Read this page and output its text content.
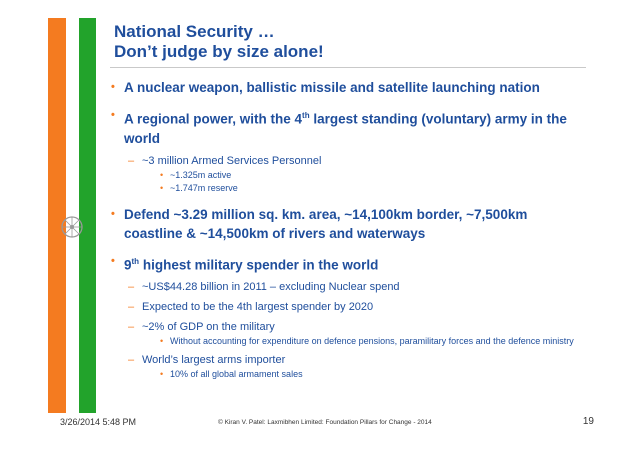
National Security …
Don’t judge by size alone!
• A nuclear weapon, ballistic missile and satellite launching nation
• A regional power, with the 4th largest standing (voluntary) army in the world
– ~3 million Armed Services Personnel
• ~1.325m active
• ~1.747m reserve
• Defend ~3.29 million sq. km. area, ~14,100km border, ~7,500km coastline & ~14,500km of rivers and waterways
• 9th highest military spender in the world
– ~US$44.28 billion in 2011 – excluding Nuclear spend
– Expected to be the 4th largest spender by 2020
– ~2% of GDP on the military
• Without accounting for expenditure on defence pensions, paramilitary forces and the defence ministry
– World’s largest arms importer
• 10% of all global armament sales
3/26/2014 5:48 PM	© Kiran V. Patel: Laxmibhen Limited: Foundation Pillars for Change - 2014	19
